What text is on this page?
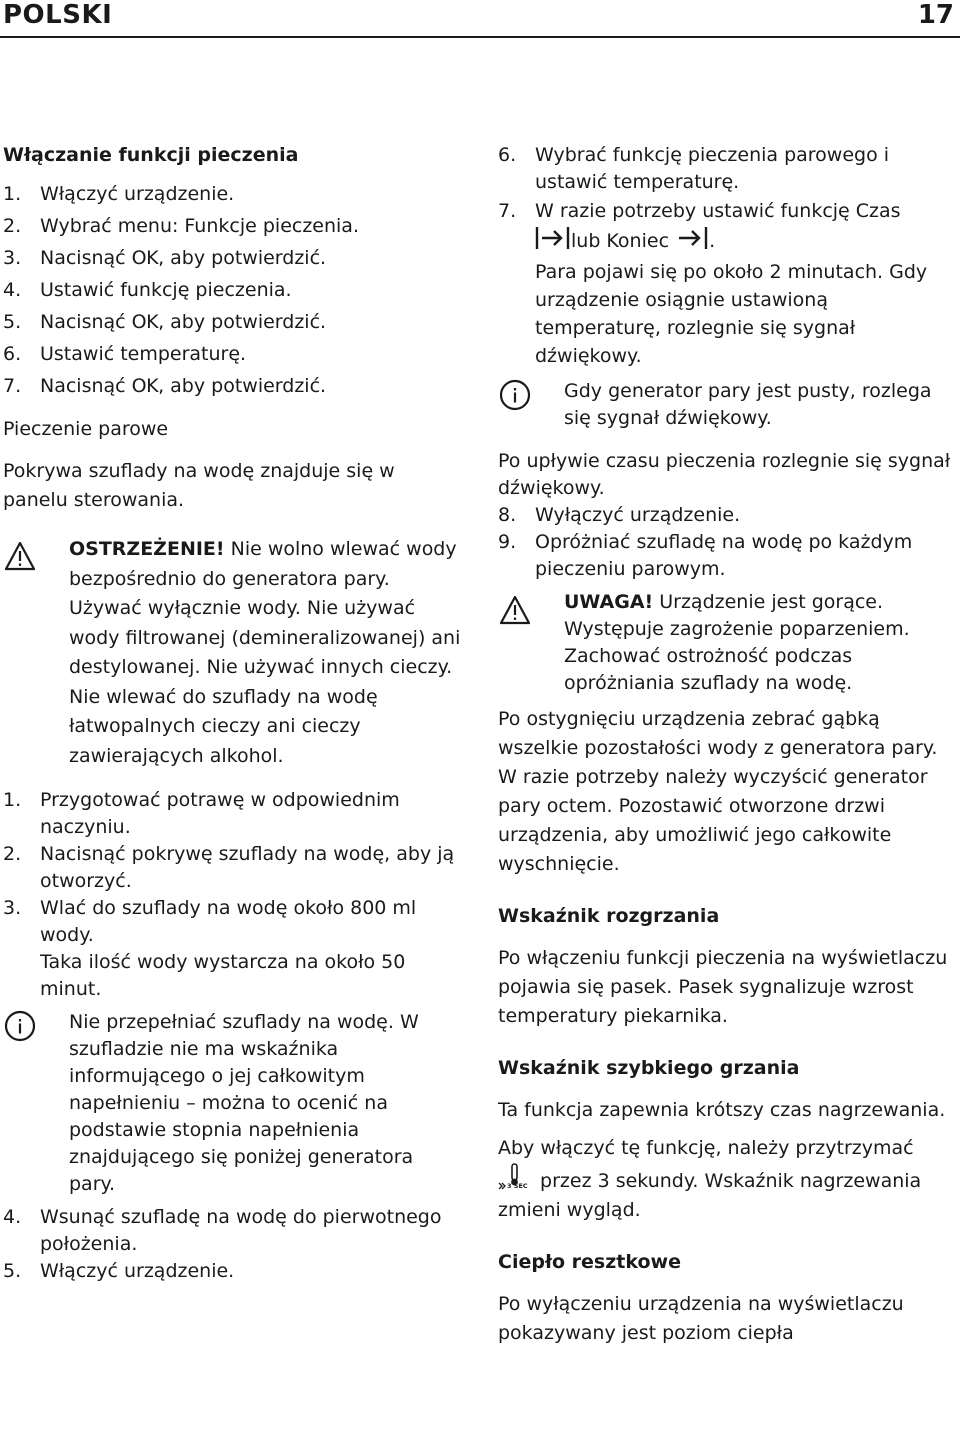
POLSKI	17

Włączanie funkcji pieczenia

1. Włączyć urządzenie.
2. Wybrać menu: Funkcje pieczenia.
3. Nacisnąć OK, aby potwierdzić.
4. Ustawić funkcję pieczenia.
5. Nacisnąć OK, aby potwierdzić.
6. Ustawić temperaturę.
7. Nacisnąć OK, aby potwierdzić.

Pieczenie parowe

Pokrywa szuflady na wodę znajduje się w panelu sterowania.

OSTRZEŻENIE! Nie wolno wlewać wody bezpośrednio do generatora pary. Używać wyłącznie wody. Nie używać wody filtrowanej (demineralizowanej) ani destylowanej. Nie używać innych cieczy. Nie wlewać do szuflady na wodę łatwopalnych cieczy ani cieczy zawierających alkohol.
1. Przygotować potrawę w odpowiednim naczyniu.
2. Nacisnąć pokrywę szuflady na wodę, aby ją otworzyć.
3. Wlać do szuflady na wodę około 800 ml wody.
Taka ilość wody wystarcza na około 50 minut.
Nie przepełniać szuflady na wodę. W szufladzie nie ma wskaźnika informującego o jej całkowitym napełnieniu – można to ocenić na podstawie stopnia napełnienia znajdującego się poniżej generatora pary.
4. Wsunąć szufladę na wodę do pierwotnego położenia.
5. Włączyć urządzenie.
6. Wybrać funkcję pieczenia parowego i ustawić temperaturę.
7. W razie potrzeby ustawić funkcję Czas
lub Koniec .

Para pojawi się po około 2 minutach. Gdy urządzenie osiągnie ustawioną temperaturę, rozlegnie się sygnał dźwiękowy.
Gdy generator pary jest pusty, rozlega się sygnał dźwiękowy.

Po upływie czasu pieczenia rozlegnie się sygnał dźwiękowy.

8. Wyłączyć urządzenie.
9. Opróżniać szufladę na wodę po każdym pieczeniu parowym.
UWAGA! Urządzenie jest gorące. Występuje zagrożenie poparzeniem. Zachować ostrożność podczas opróżniania szuflady na wodę.

Po ostygnięciu urządzenia zebrać gąbką wszelkie pozostałości wody z generatora pary. W razie potrzeby należy wyczyścić generator pary octem. Pozostawić otworzone drzwi urządzenia, aby umożliwić jego całkowite wyschnięcie.

Wskaźnik rozgrzania

Po włączeniu funkcji pieczenia na wyświetlaczu pojawia się pasek. Pasek sygnalizuje wzrost temperatury piekarnika.

Wskaźnik szybkiego grzania

Ta funkcja zapewnia krótszy czas nagrzewania.

Aby włączyć tę funkcję, należy przytrzymać

3 SEC przez 3 sekundy. Wskaźnik nagrzewania zmieni wygląd.

Ciepło resztkowe

Po wyłączeniu urządzenia na wyświetlaczu pokazywany jest poziom ciepła
